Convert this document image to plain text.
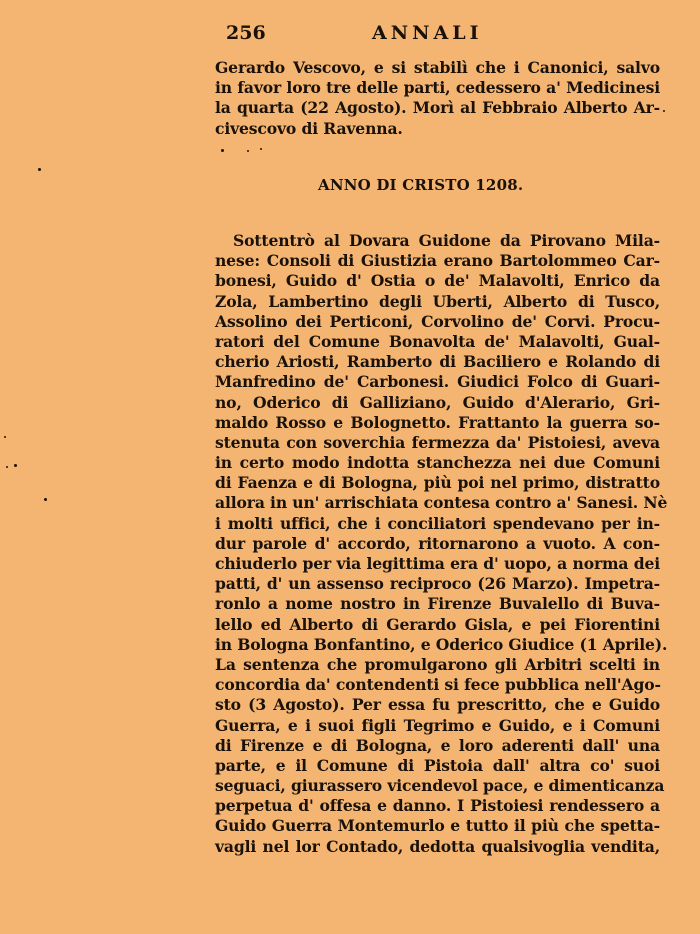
256	ANNALI
Gerardo Vescovo, e si stabilì che i Canonici, salvo
in favor loro tre delle parti, cedessero a' Medicinesi
la quarta (22 Agosto). Morì al Febbraio Alberto Ar-
civescovo di Ravenna.
ANNO DI CRISTO 1208.
Sottentrò al Dovara Guidone da Pirovano Mila-
nese: Consoli di Giustizia erano Bartolommeo Car-
bonesi, Guido d' Ostia o de' Malavolti, Enrico da
Zola, Lambertino degli Uberti, Alberto di Tusco,
Assolino dei Perticoni, Corvolino de' Corvi. Procu-
ratori del Comune Bonavolta de' Malavolti, Gual-
cherio Ariosti, Ramberto di Baciliero e Rolando di
Manfredino de' Carbonesi. Giudici Folco di Guari-
no, Oderico di Galliziano, Guido d'Alerario, Gri-
maldo Rosso e Bolognetto. Frattanto la guerra so-
stenuta con soverchia fermezza da' Pistoiesi, aveva
in certo modo indotta stanchezza nei due Comuni
di Faenza e di Bologna, più poi nel primo, distratto
allora in un' arrischiata contesa contro a' Sanesi. Nè
i molti uffici, che i conciliatori spendevano per in-
dur parole d' accordo, ritornarono a vuoto. A con-
chiuderlo per via legittima era d' uopo, a norma dei
patti, d' un assenso reciproco (26 Marzo). Impetra-
ronlo a nome nostro in Firenze Buvalello di Buva-
lello ed Alberto di Gerardo Gisla, e pei Fiorentini
in Bologna Bonfantino, e Oderico Giudice (1 Aprile).
La sentenza che promulgarono gli Arbitri scelti in
concordia da' contendenti si fece pubblica nell'Ago-
sto (3 Agosto). Per essa fu prescritto, che e Guido
Guerra, e i suoi figli Tegrimo e Guido, e i Comuni
di Firenze e di Bologna, e loro aderenti dall' una
parte, e il Comune di Pistoia dall' altra co' suoi
seguaci, giurassero vicendevol pace, e dimenticanza
perpetua d' offesa e danno. I Pistoiesi rendessero a
Guido Guerra Montemurlo e tutto il più che spetta-
vagli nel lor Contado, dedotta qualsivoglia vendita,
